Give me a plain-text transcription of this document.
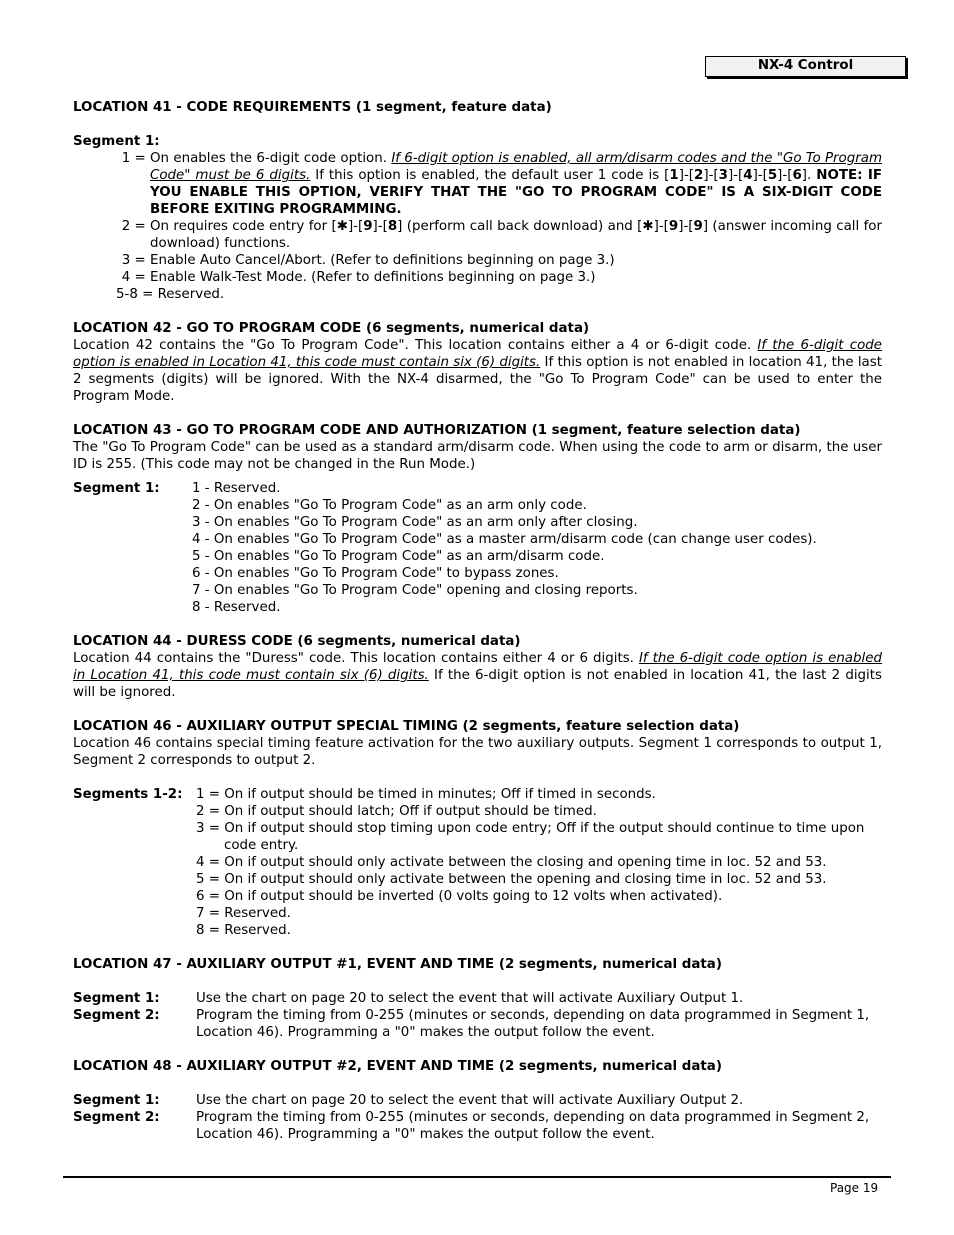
NX-4 Control

LOCATION 41 - CODE REQUIREMENTS (1 segment, feature data)

Segment 1:

1 = On enables the 6-digit code option. If 6-digit option is enabled, all arm/disarm codes and the "Go To Program Code" must be 6 digits. If this option is enabled, the default user 1 code is [1]-[2]-[3]-[4]-[5]-[6]. NOTE: IF YOU ENABLE THIS OPTION, VERIFY THAT THE "GO TO PROGRAM CODE" IS A SIX-DIGIT CODE BEFORE EXITING PROGRAMMING.
2 = On requires code entry for [✱]-[9]-[8] (perform call back download) and [✱]-[9]-[9] (answer incoming call for download) functions.
3 = Enable Auto Cancel/Abort. (Refer to definitions beginning on page 3.)
4 = Enable Walk-Test Mode. (Refer to definitions beginning on page 3.)
5-8 = Reserved.

LOCATION 42 - GO TO PROGRAM CODE (6 segments, numerical data)

Location 42 contains the "Go To Program Code". This location contains either a 4 or 6-digit code. If the 6-digit code option is enabled in Location 41, this code must contain six (6) digits. If this option is not enabled in location 41, the last 2 segments (digits) will be ignored. With the NX-4 disarmed, the "Go To Program Code" can be used to enter the Program Mode.

LOCATION 43 - GO TO PROGRAM CODE AND AUTHORIZATION (1 segment, feature selection data)

The "Go To Program Code" can be used as a standard arm/disarm code. When using the code to arm or disarm, the user ID is 255. (This code may not be changed in the Run Mode.)

Segment 1:	1 - Reserved.
2 - On enables "Go To Program Code" as an arm only code.
3 - On enables "Go To Program Code" as an arm only after closing.
4 - On enables "Go To Program Code" as a master arm/disarm code (can change user codes).
5 - On enables "Go To Program Code" as an arm/disarm code.
6 - On enables "Go To Program Code" to bypass zones.
7 - On enables "Go To Program Code" opening and closing reports.
8 - Reserved.

LOCATION 44 - DURESS CODE (6 segments, numerical data)

Location 44 contains the "Duress" code. This location contains either 4 or 6 digits. If the 6-digit code option is enabled in Location 41, this code must contain six (6) digits. If the 6-digit option is not enabled in location 41, the last 2 digits will be ignored.

LOCATION 46 - AUXILIARY OUTPUT SPECIAL TIMING (2 segments, feature selection data)

Location 46 contains special timing feature activation for the two auxiliary outputs. Segment 1 corresponds to output 1, Segment 2 corresponds to output 2.

Segments 1-2:	1 = On if output should be timed in minutes; Off if timed in seconds.
2 = On if output should latch; Off if output should be timed.
3 = On if output should stop timing upon code entry; Off if the output should continue to time upon code entry.
4 = On if output should only activate between the closing and opening time in loc. 52 and 53.
5 = On if output should only activate between the opening and closing time in loc. 52 and 53.
6 = On if output should be inverted (0 volts going to 12 volts when activated).
7 = Reserved.
8 = Reserved.

LOCATION 47 - AUXILIARY OUTPUT #1, EVENT AND TIME (2 segments, numerical data)

Segment 1:	Use the chart on page 20 to select the event that will activate Auxiliary Output 1.
Segment 2:	Program the timing from 0-255 (minutes or seconds, depending on data programmed in Segment 1, Location 46). Programming a "0" makes the output follow the event.

LOCATION 48 - AUXILIARY OUTPUT #2, EVENT AND TIME (2 segments, numerical data)

Segment 1:	Use the chart on page 20 to select the event that will activate Auxiliary Output 2.
Segment 2:	Program the timing from 0-255 (minutes or seconds, depending on data programmed in Segment 2, Location 46). Programming a "0" makes the output follow the event.
Page 19
